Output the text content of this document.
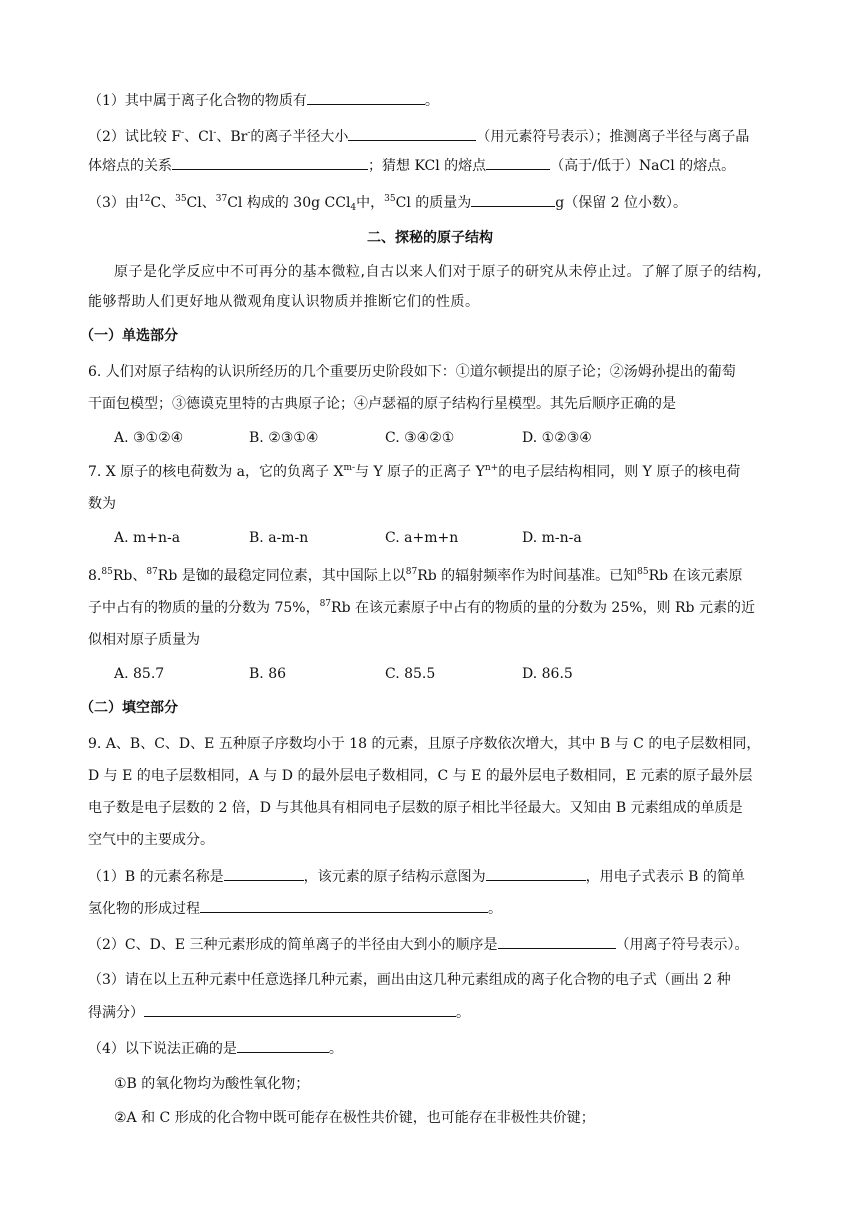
（1）其中属于离子化合物的物质有	。
（2）试比较 F-、Cl-、Br-的离子半径大小	（用元素符号表示）；推测离子半径与离子晶
体熔点的关系	；猜想 KCl 的熔点	（高于/低于）NaCl 的熔点。
（3）由$^{12}$C、$^{35}$Cl、$^{37}$Cl 构成的 30g CCl$_4$中，$^{35}$Cl 的质量为	g（保留 2 位小数）。
二、探秘的原子结构
原子是化学反应中不可再分的基本微粒,自古以来人们对于原子的研究从未停止过。了解了原子的结构,
能够帮助人们更好地从微观角度认识物质并推断它们的性质。
（一）单选部分
6. 人们对原子结构的认识所经历的几个重要历史阶段如下：①道尔顿提出的原子论；②汤姆孙提出的葡萄
干面包模型；③德谟克里特的古典原子论；④卢瑟福的原子结构行星模型。其先后顺序正确的是
A. ③①②④	B. ②③①④	C. ③④②①	D. ①②③④
7. X 原子的核电荷数为 a，它的负离子 $X^{m-}$与 Y 原子的正离子 $Y^{n+}$的电子层结构相同，则 Y 原子的核电荷
数为
A. m+n-a	B. a-m-n	C. a+m+n	D. m-n-a
8.85Rb、$^{87}$Rb 是铷的最稳定同位素，其中国际上以$^{87}$Rb 的辐射频率作为时间基准。已知$^{85}$Rb 在该元素原
子中占有的物质的量的分数为 75%，$^{87}$Rb 在该元素原子中占有的物质的量的分数为 25%，则 Rb 元素的近
似相对原子质量为
A. 85.7	B. 86	C. 85.5	D. 86.5
（二）填空部分
9. A、B、C、D、E 五种原子序数均小于 18 的元素，且原子序数依次增大，其中 B 与 C 的电子层数相同，
D 与 E 的电子层数相同，A 与 D 的最外层电子数相同，C 与 E 的最外层电子数相同，E 元素的原子最外层
电子数是电子层数的 2 倍，D 与其他具有相同电子层数的原子相比半径最大。又知由 B 元素组成的单质是
空气中的主要成分。
（1）B 的元素名称是	，该元素的原子结构示意图为	，用电子式表示 B 的简单
氢化物的形成过程	。
（2）C、D、E 三种元素形成的简单离子的半径由大到小的顺序是	（用离子符号表示）。
（3）请在以上五种元素中任意选择几种元素，画出由这几种元素组成的离子化合物的电子式（画出 2 种
得满分）	。
（4）以下说法正确的是	。
①B 的氧化物均为酸性氧化物；
②A 和 C 形成的化合物中既可能存在极性共价键，也可能存在非极性共价键；
